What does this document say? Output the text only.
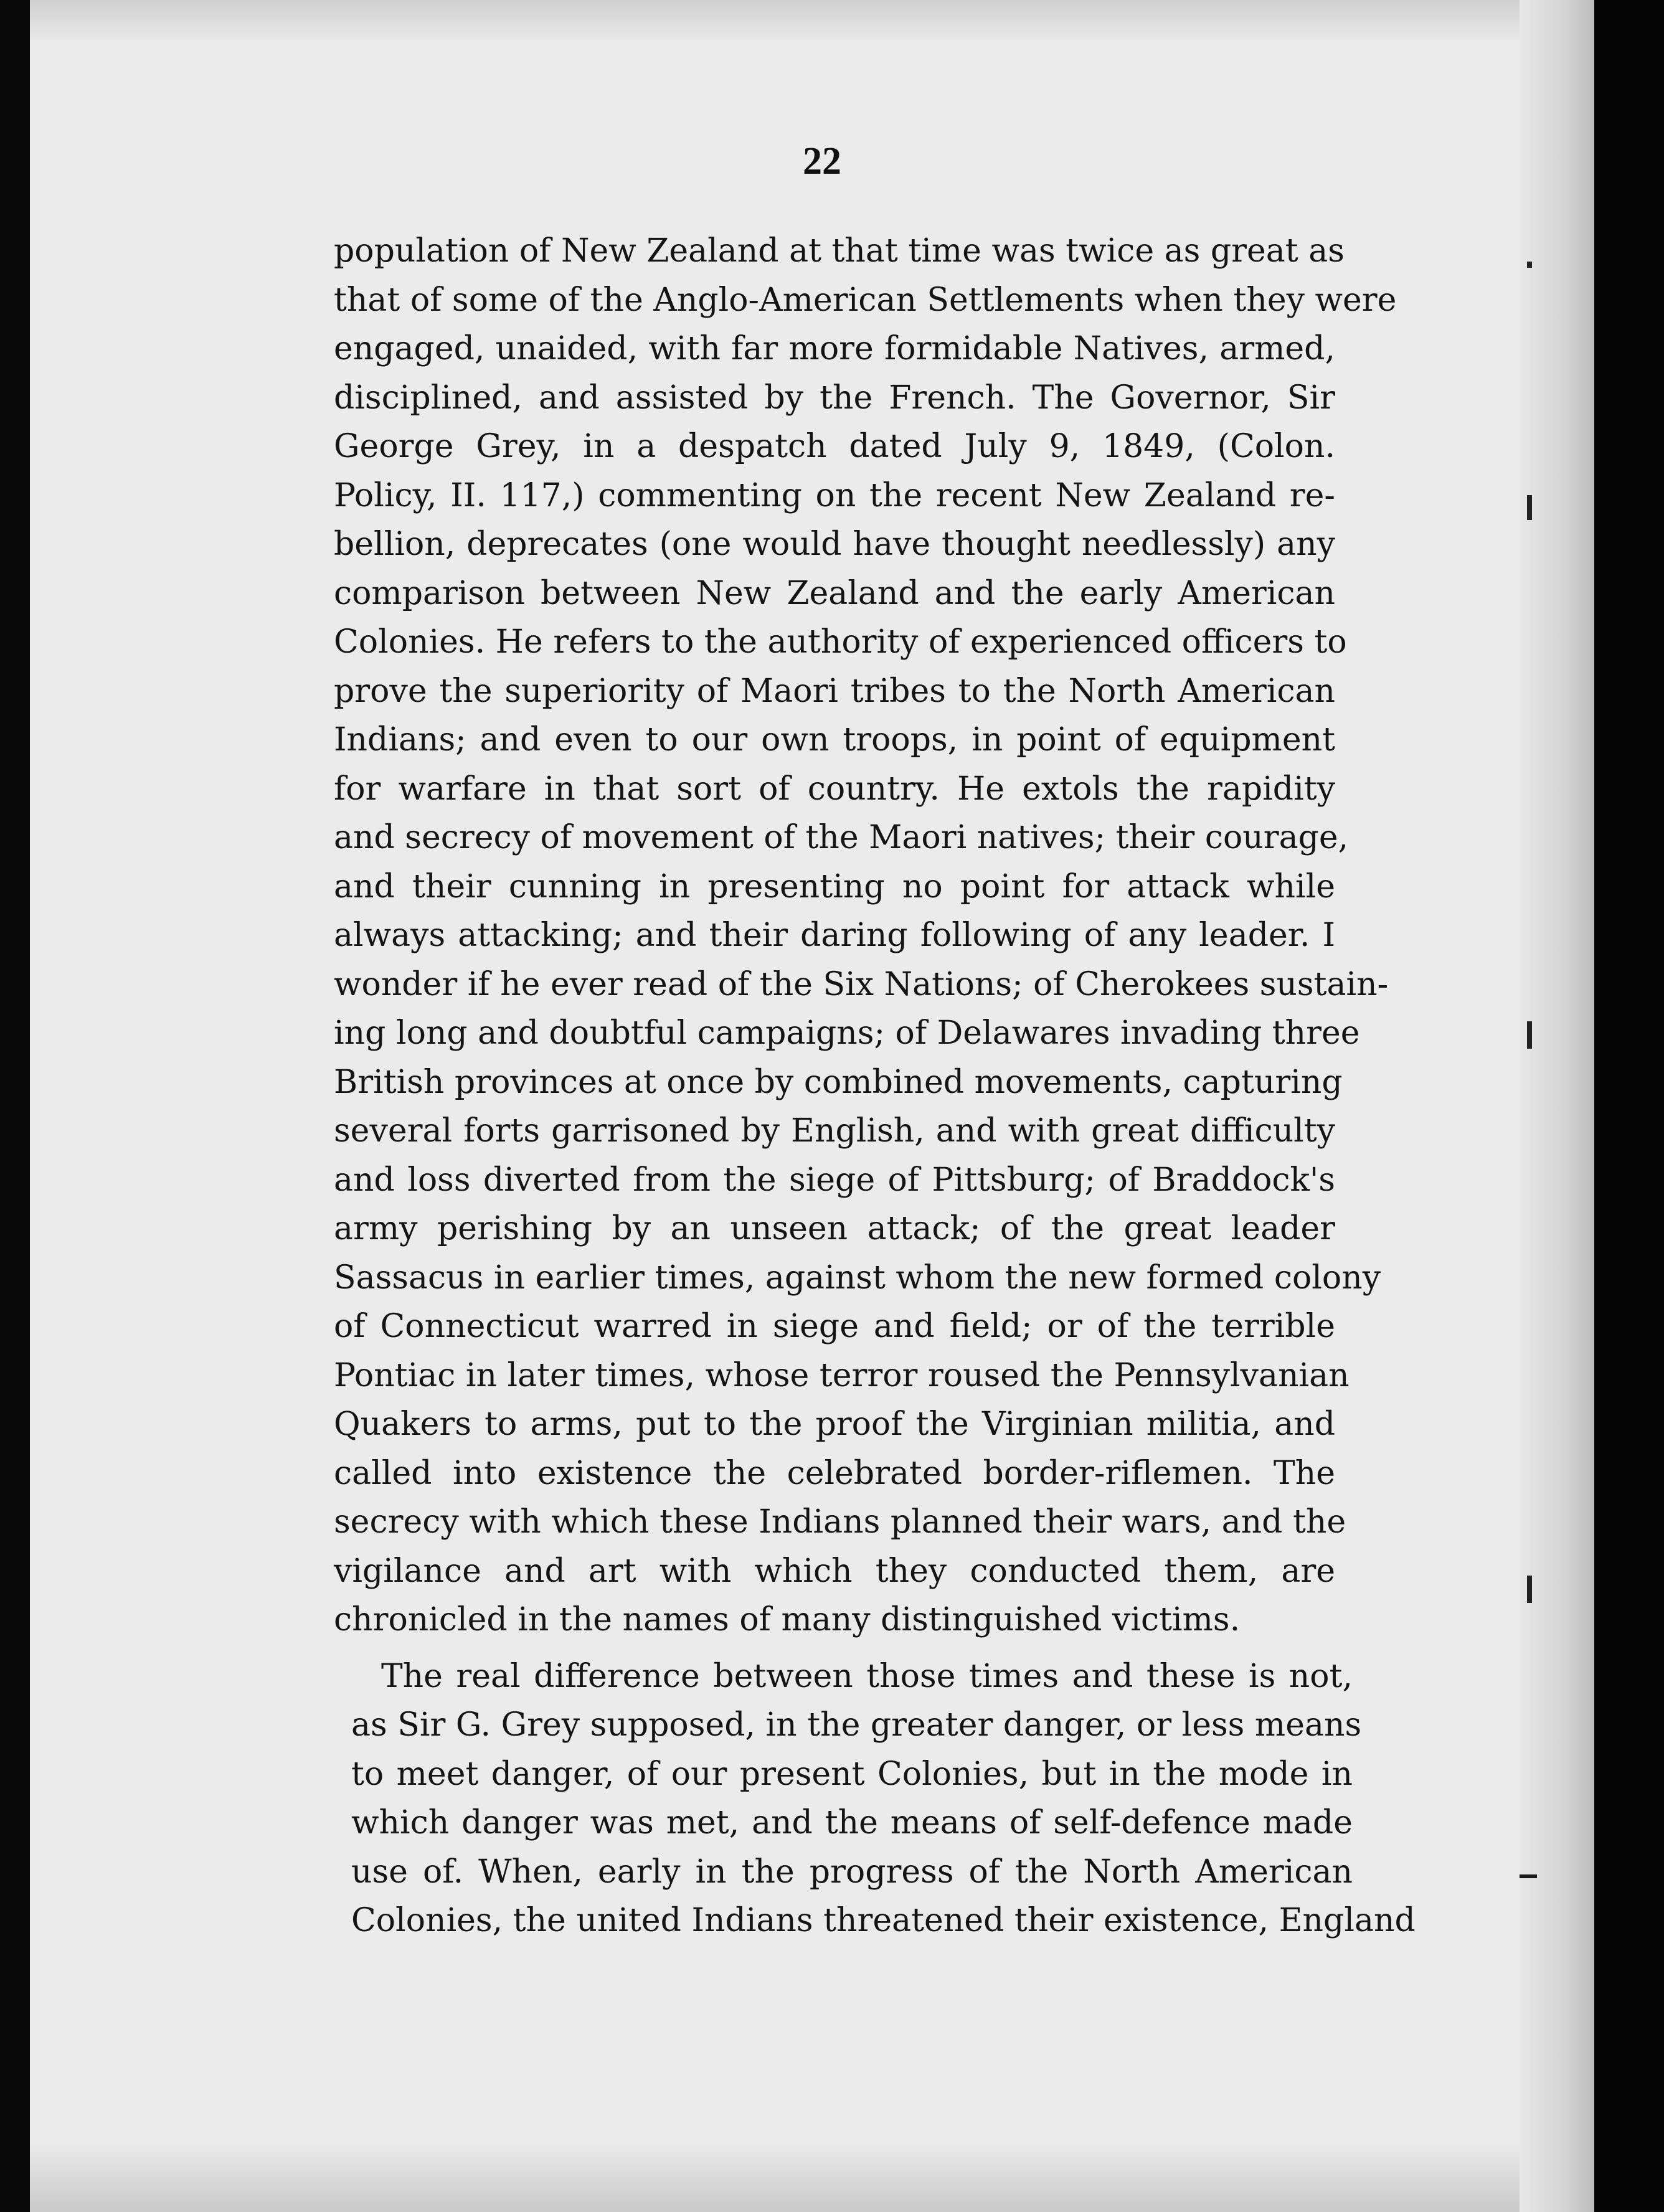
22
population of New Zealand at that time was twice as great as
that of some of the Anglo-American Settlements when they were
engaged, unaided, with far more formidable Natives, armed,
disciplined, and assisted by the French. The Governor, Sir
George Grey, in a despatch dated July 9, 1849, (Colon.
Policy, II. 117,) commenting on the recent New Zealand re-
bellion, deprecates (one would have thought needlessly) any
comparison between New Zealand and the early American
Colonies. He refers to the authority of experienced officers to
prove the superiority of Maori tribes to the North American
Indians; and even to our own troops, in point of equipment
for warfare in that sort of country. He extols the rapidity
and secrecy of movement of the Maori natives; their courage,
and their cunning in presenting no point for attack while
always attacking; and their daring following of any leader. I
wonder if he ever read of the Six Nations; of Cherokees sustain-
ing long and doubtful campaigns; of Delawares invading three
British provinces at once by combined movements, capturing
several forts garrisoned by English, and with great difficulty
and loss diverted from the siege of Pittsburg; of Braddock's
army perishing by an unseen attack; of the great leader
Sassacus in earlier times, against whom the new formed colony
of Connecticut warred in siege and field; or of the terrible
Pontiac in later times, whose terror roused the Pennsylvanian
Quakers to arms, put to the proof the Virginian militia, and
called into existence the celebrated border-riflemen. The
secrecy with which these Indians planned their wars, and the
vigilance and art with which they conducted them, are
chronicled in the names of many distinguished victims.
The real difference between those times and these is not,
as Sir G. Grey supposed, in the greater danger, or less means
to meet danger, of our present Colonies, but in the mode in
which danger was met, and the means of self-defence made
use of. When, early in the progress of the North American
Colonies, the united Indians threatened their existence, England
